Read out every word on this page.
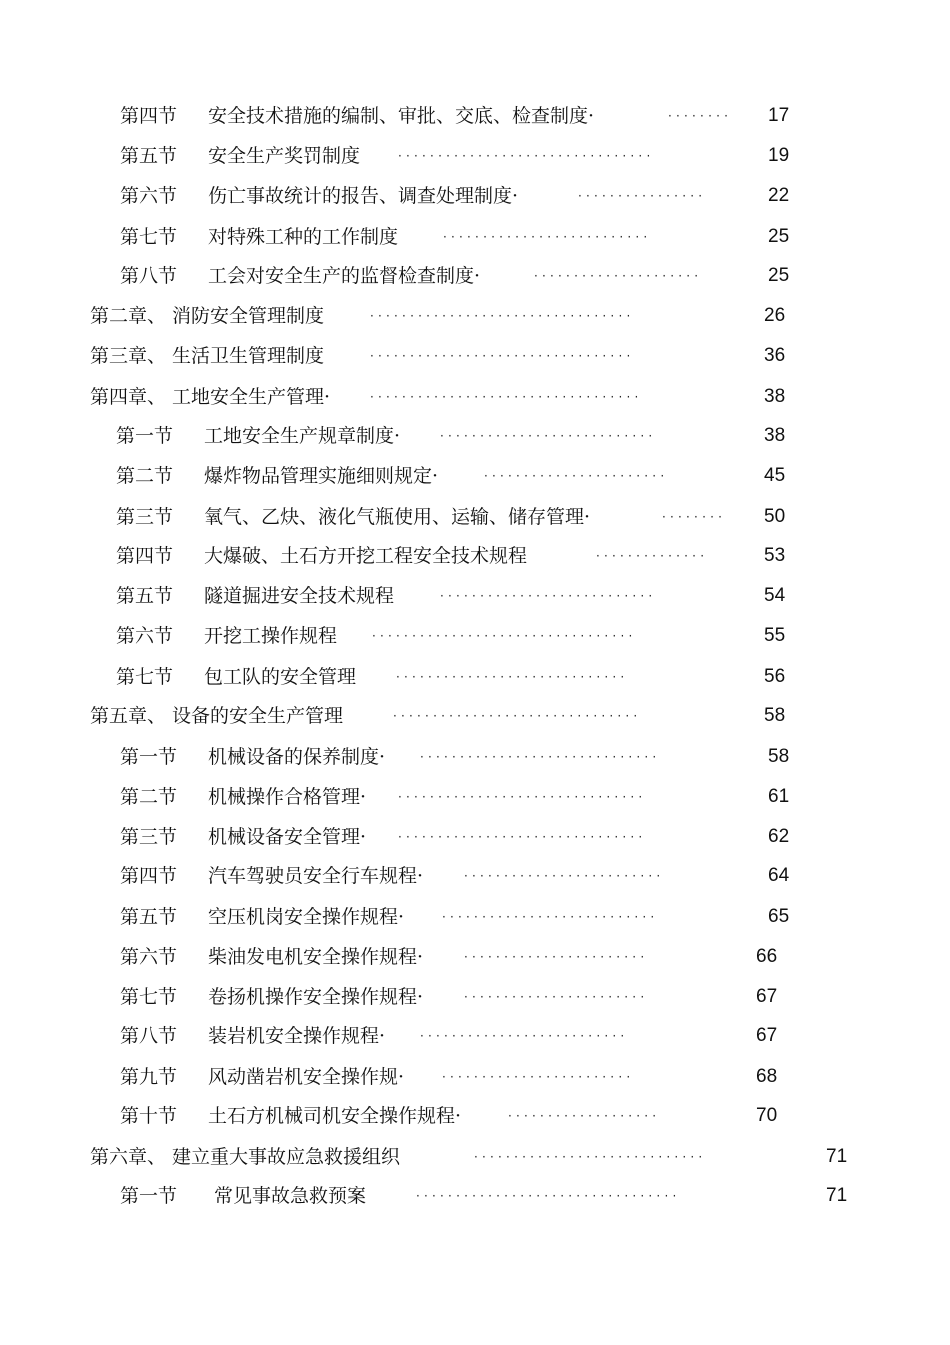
第四节 安全技术措施的编制、审批、交底、检查制度·	········	17
第五节 安全生产奖罚制度	································	19
第六节 伤亡事故统计的报告、调查处理制度·	················	22
第七节 对特殊工种的工作制度	··························	25
第八节 工会对安全生产的监督检查制度·	·····················	25
第二章、 消防安全管理制度	·································	26
第三章、 生活卫生管理制度	·································	36
第四章、 工地安全生产管理·	··································	38
第一节 工地安全生产规章制度·	···························	38
第二节 爆炸物品管理实施细则规定·	·······················	45
第三节 氧气、乙炔、液化气瓶使用、运输、储存管理·	········	50
第四节 大爆破、土石方开挖工程安全技术规程	··············	53
第五节 隧道掘进安全技术规程	···························	54
第六节 开挖工操作规程	·································	55
第七节 包工队的安全管理	·····························	56
第五章、 设备的安全生产管理	·······························	58
第一节 机械设备的保养制度·	······························	58
第二节 机械操作合格管理·	·······························	61
第三节 机械设备安全管理·	·······························	62
第四节 汽车驾驶员安全行车规程·	·························	64
第五节 空压机岗安全操作规程·	···························	65
第六节 柴油发电机安全操作规程·	·······················	66
第七节 卷扬机操作安全操作规程·	·······················	67
第八节 装岩机安全操作规程·	··························	67
第九节 风动凿岩机安全操作规·	························	68
第十节 土石方机械司机安全操作规程·	···················	70
第六章、 建立重大事故应急救援组织	·····························	71
第一节 常见事故急救预案	·································	71
